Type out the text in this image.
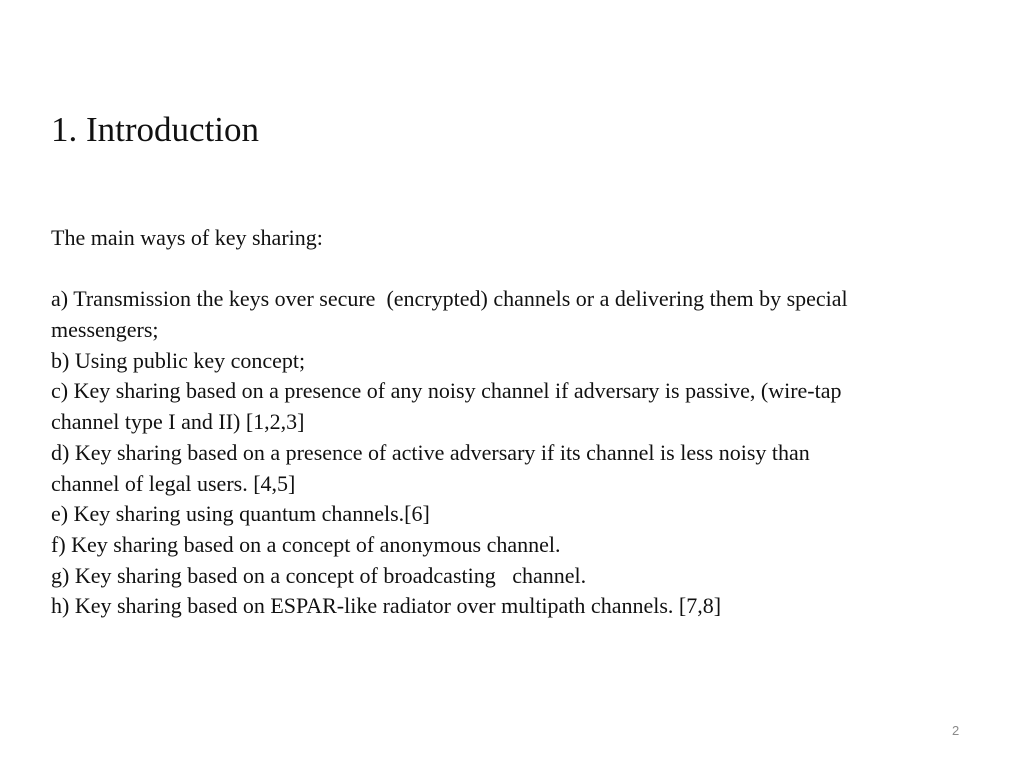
1. Introduction
The main ways of key sharing:
a) Transmission the keys over secure  (encrypted) channels or a delivering them by special
messengers;
b) Using public key concept;
c) Key sharing based on a presence of any noisy channel if adversary is passive, (wire-tap
channel type I and II) [1,2,3]
d) Key sharing based on a presence of active adversary if its channel is less noisy than
channel of legal users. [4,5]
e) Key sharing using quantum channels.[6]
f) Key sharing based on a concept of anonymous channel.
g) Key sharing based on a concept of broadcasting   channel.
h) Key sharing based on ESPAR-like radiator over multipath channels. [7,8]
2
